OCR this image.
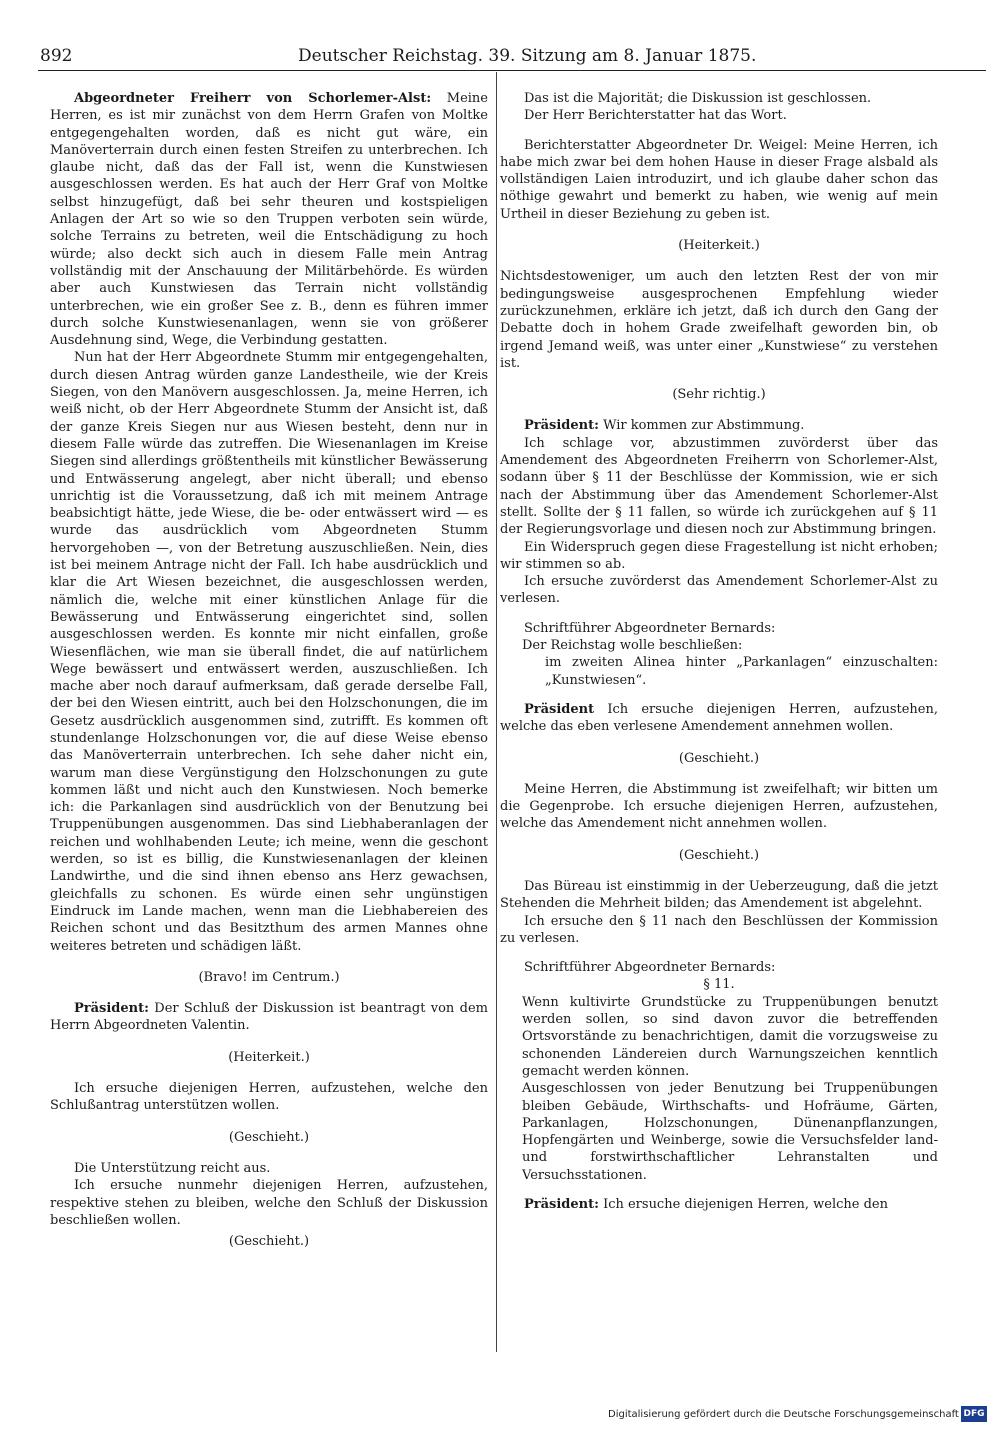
892	Deutscher Reichstag. 39. Sitzung am 8. Januar 1875.

Abgeordneter Freiherr von Schorlemer-Alst: Meine Herren, es ist mir zunächst von dem Herrn Grafen von Moltke entgegengehalten worden, daß es nicht gut wäre, ein Manöverterrain durch einen festen Streifen zu unterbrechen. Ich glaube nicht, daß das der Fall ist, wenn die Kunstwiesen ausgeschlossen werden. Es hat auch der Herr Graf von Moltke selbst hinzugefügt, daß bei sehr theuren und kostspieligen Anlagen der Art so wie so den Truppen verboten sein würde, solche Terrains zu betreten, weil die Entschädigung zu hoch würde; also deckt sich auch in diesem Falle mein Antrag vollständig mit der Anschauung der Militärbehörde. Es würden aber auch Kunstwiesen das Terrain nicht vollständig unterbrechen, wie ein großer See z. B., denn es führen immer durch solche Kunstwiesenanlagen, wenn sie von größerer Ausdehnung sind, Wege, die Verbindung gestatten.

Nun hat der Herr Abgeordnete Stumm mir entgegengehalten, durch diesen Antrag würden ganze Landestheile, wie der Kreis Siegen, von den Manövern ausgeschlossen. Ja, meine Herren, ich weiß nicht, ob der Herr Abgeordnete Stumm der Ansicht ist, daß der ganze Kreis Siegen nur aus Wiesen besteht, denn nur in diesem Falle würde das zutreffen. Die Wiesenanlagen im Kreise Siegen sind allerdings größtentheils mit künstlicher Bewässerung und Entwässerung angelegt, aber nicht überall; und ebenso unrichtig ist die Voraussetzung, daß ich mit meinem Antrage beabsichtigt hätte, jede Wiese, die be- oder entwässert wird — es wurde das ausdrücklich vom Abgeordneten Stumm hervorgehoben —, von der Betretung auszuschließen. Nein, dies ist bei meinem Antrage nicht der Fall. Ich habe ausdrücklich und klar die Art Wiesen bezeichnet, die ausgeschlossen werden, nämlich die, welche mit einer künstlichen Anlage für die Bewässerung und Entwässerung eingerichtet sind, sollen ausgeschlossen werden. Es konnte mir nicht einfallen, große Wiesenflächen, wie man sie überall findet, die auf natürlichem Wege bewässert und entwässert werden, auszuschließen. Ich mache aber noch darauf aufmerksam, daß gerade derselbe Fall, der bei den Wiesen eintritt, auch bei den Holzschonungen, die im Gesetz ausdrücklich ausgenommen sind, zutrifft. Es kommen oft stundenlange Holzschonungen vor, die auf diese Weise ebenso das Manöverterrain unterbrechen. Ich sehe daher nicht ein, warum man diese Vergünstigung den Holzschonungen zu gute kommen läßt und nicht auch den Kunstwiesen. Noch bemerke ich: die Parkanlagen sind ausdrücklich von der Benutzung bei Truppenübungen ausgenommen. Das sind Liebhaberanlagen der reichen und wohlhabenden Leute; ich meine, wenn die geschont werden, so ist es billig, die Kunstwiesenanlagen der kleinen Landwirthe, und die sind ihnen ebenso ans Herz gewachsen, gleichfalls zu schonen. Es würde einen sehr ungünstigen Eindruck im Lande machen, wenn man die Liebhabereien des Reichen schont und das Besitzthum des armen Mannes ohne weiteres betreten und schädigen läßt.

(Bravo! im Centrum.)

Präsident: Der Schluß der Diskussion ist beantragt von dem Herrn Abgeordneten Valentin.

(Heiterkeit.)

Ich ersuche diejenigen Herren, aufzustehen, welche den Schlußantrag unterstützen wollen.

(Geschieht.)

Die Unterstützung reicht aus.

Ich ersuche nunmehr diejenigen Herren, aufzustehen, respektive stehen zu bleiben, welche den Schluß der Diskussion beschließen wollen.

(Geschieht.)

Das ist die Majorität; die Diskussion ist geschlossen.

Der Herr Berichterstatter hat das Wort.

Berichterstatter Abgeordneter Dr. Weigel: Meine Herren, ich habe mich zwar bei dem hohen Hause in dieser Frage alsbald als vollständigen Laien introduzirt, und ich glaube daher schon das nöthige gewahrt und bemerkt zu haben, wie wenig auf mein Urtheil in dieser Beziehung zu geben ist.

(Heiterkeit.)

Nichtsdestoweniger, um auch den letzten Rest der von mir bedingungsweise ausgesprochenen Empfehlung wieder zurückzunehmen, erkläre ich jetzt, daß ich durch den Gang der Debatte doch in hohem Grade zweifelhaft geworden bin, ob irgend Jemand weiß, was unter einer „Kunstwiese“ zu verstehen ist.

(Sehr richtig.)

Präsident: Wir kommen zur Abstimmung.

Ich schlage vor, abzustimmen zuvörderst über das Amendement des Abgeordneten Freiherrn von Schorlemer-Alst, sodann über § 11 der Beschlüsse der Kommission, wie er sich nach der Abstimmung über das Amendement Schorlemer-Alst stellt. Sollte der § 11 fallen, so würde ich zurückgehen auf § 11 der Regierungsvorlage und diesen noch zur Abstimmung bringen.

Ein Widerspruch gegen diese Fragestellung ist nicht erhoben; wir stimmen so ab.

Ich ersuche zuvörderst das Amendement Schorlemer-Alst zu verlesen.

Schriftführer Abgeordneter Bernards:

Der Reichstag wolle beschließen:

im zweiten Alinea hinter „Parkanlagen“ einzuschalten: „Kunstwiesen“.

Präsident Ich ersuche diejenigen Herren, aufzustehen, welche das eben verlesene Amendement annehmen wollen.

(Geschieht.)

Meine Herren, die Abstimmung ist zweifelhaft; wir bitten um die Gegenprobe. Ich ersuche diejenigen Herren, aufzustehen, welche das Amendement nicht annehmen wollen.

(Geschieht.)

Das Büreau ist einstimmig in der Ueberzeugung, daß die jetzt Stehenden die Mehrheit bilden; das Amendement ist abgelehnt.

Ich ersuche den § 11 nach den Beschlüssen der Kommission zu verlesen.

Schriftführer Abgeordneter Bernards:

§ 11.

Wenn kultivirte Grundstücke zu Truppenübungen benutzt werden sollen, so sind davon zuvor die betreffenden Ortsvorstände zu benachrichtigen, damit die vorzugsweise zu schonenden Ländereien durch Warnungszeichen kenntlich gemacht werden können.

Ausgeschlossen von jeder Benutzung bei Truppenübungen bleiben Gebäude, Wirthschafts- und Hofräume, Gärten, Parkanlagen, Holzschonungen, Dünenanpflanzungen, Hopfengärten und Weinberge, sowie die Versuchsfelder land- und forstwirthschaftlicher Lehranstalten und Versuchsstationen.

Präsident: Ich ersuche diejenigen Herren, welche den

Digitalisierung gefördert durch die Deutsche Forschungsgemeinschaft DFG
